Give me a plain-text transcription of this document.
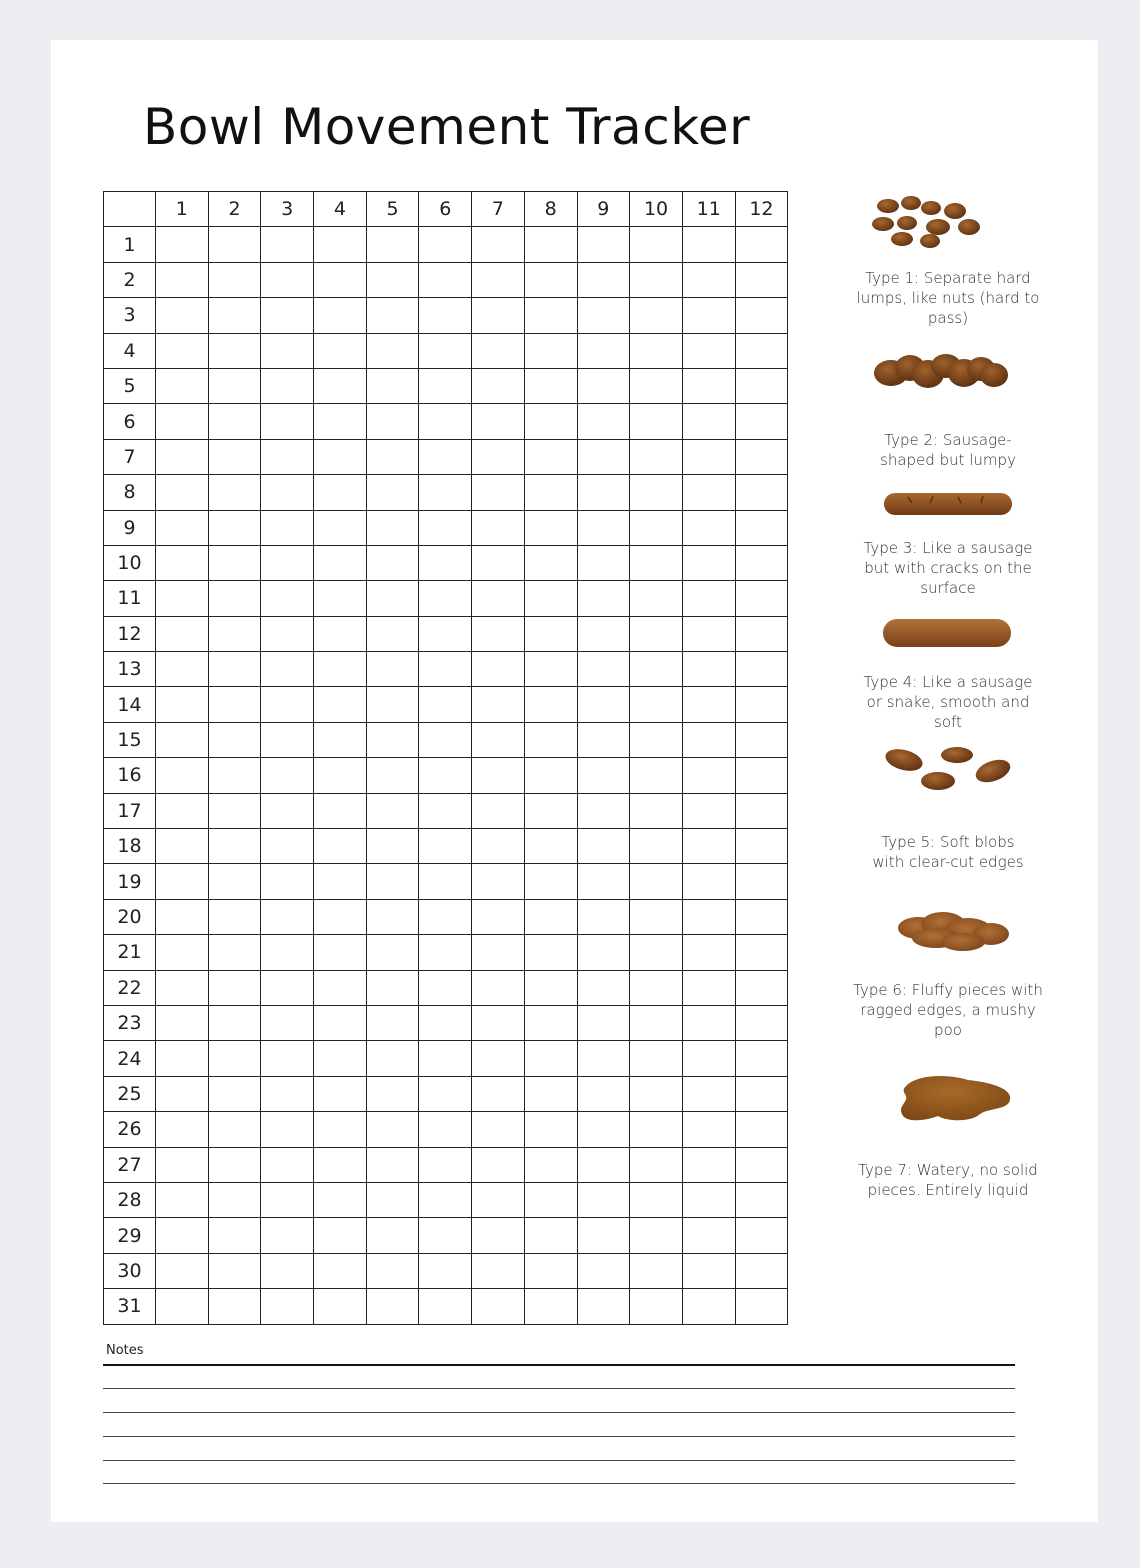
Bowl Movement Tracker
	1	2	3	4	5	6	7	8	9	10	11	12
1												
2												
3												
4												
5												
6												
7												
8												
9												
10												
11												
12												
13												
14												
15												
16												
17												
18												
19												
20												
21												
22												
23												
24												
25												
26												
27												
28												
29												
30												
31												

Type 1: Separate hard lumps, like nuts (hard to pass)

Type 2: Sausage-shaped but lumpy

Type 3: Like a sausage but with cracks on the surface

Type 4: Like a sausage or snake, smooth and soft

Type 5: Soft blobs with clear-cut edges

Type 6: Fluffy pieces with ragged edges, a mushy poo

Type 7: Watery, no solid pieces. Entirely liquid

Notes
